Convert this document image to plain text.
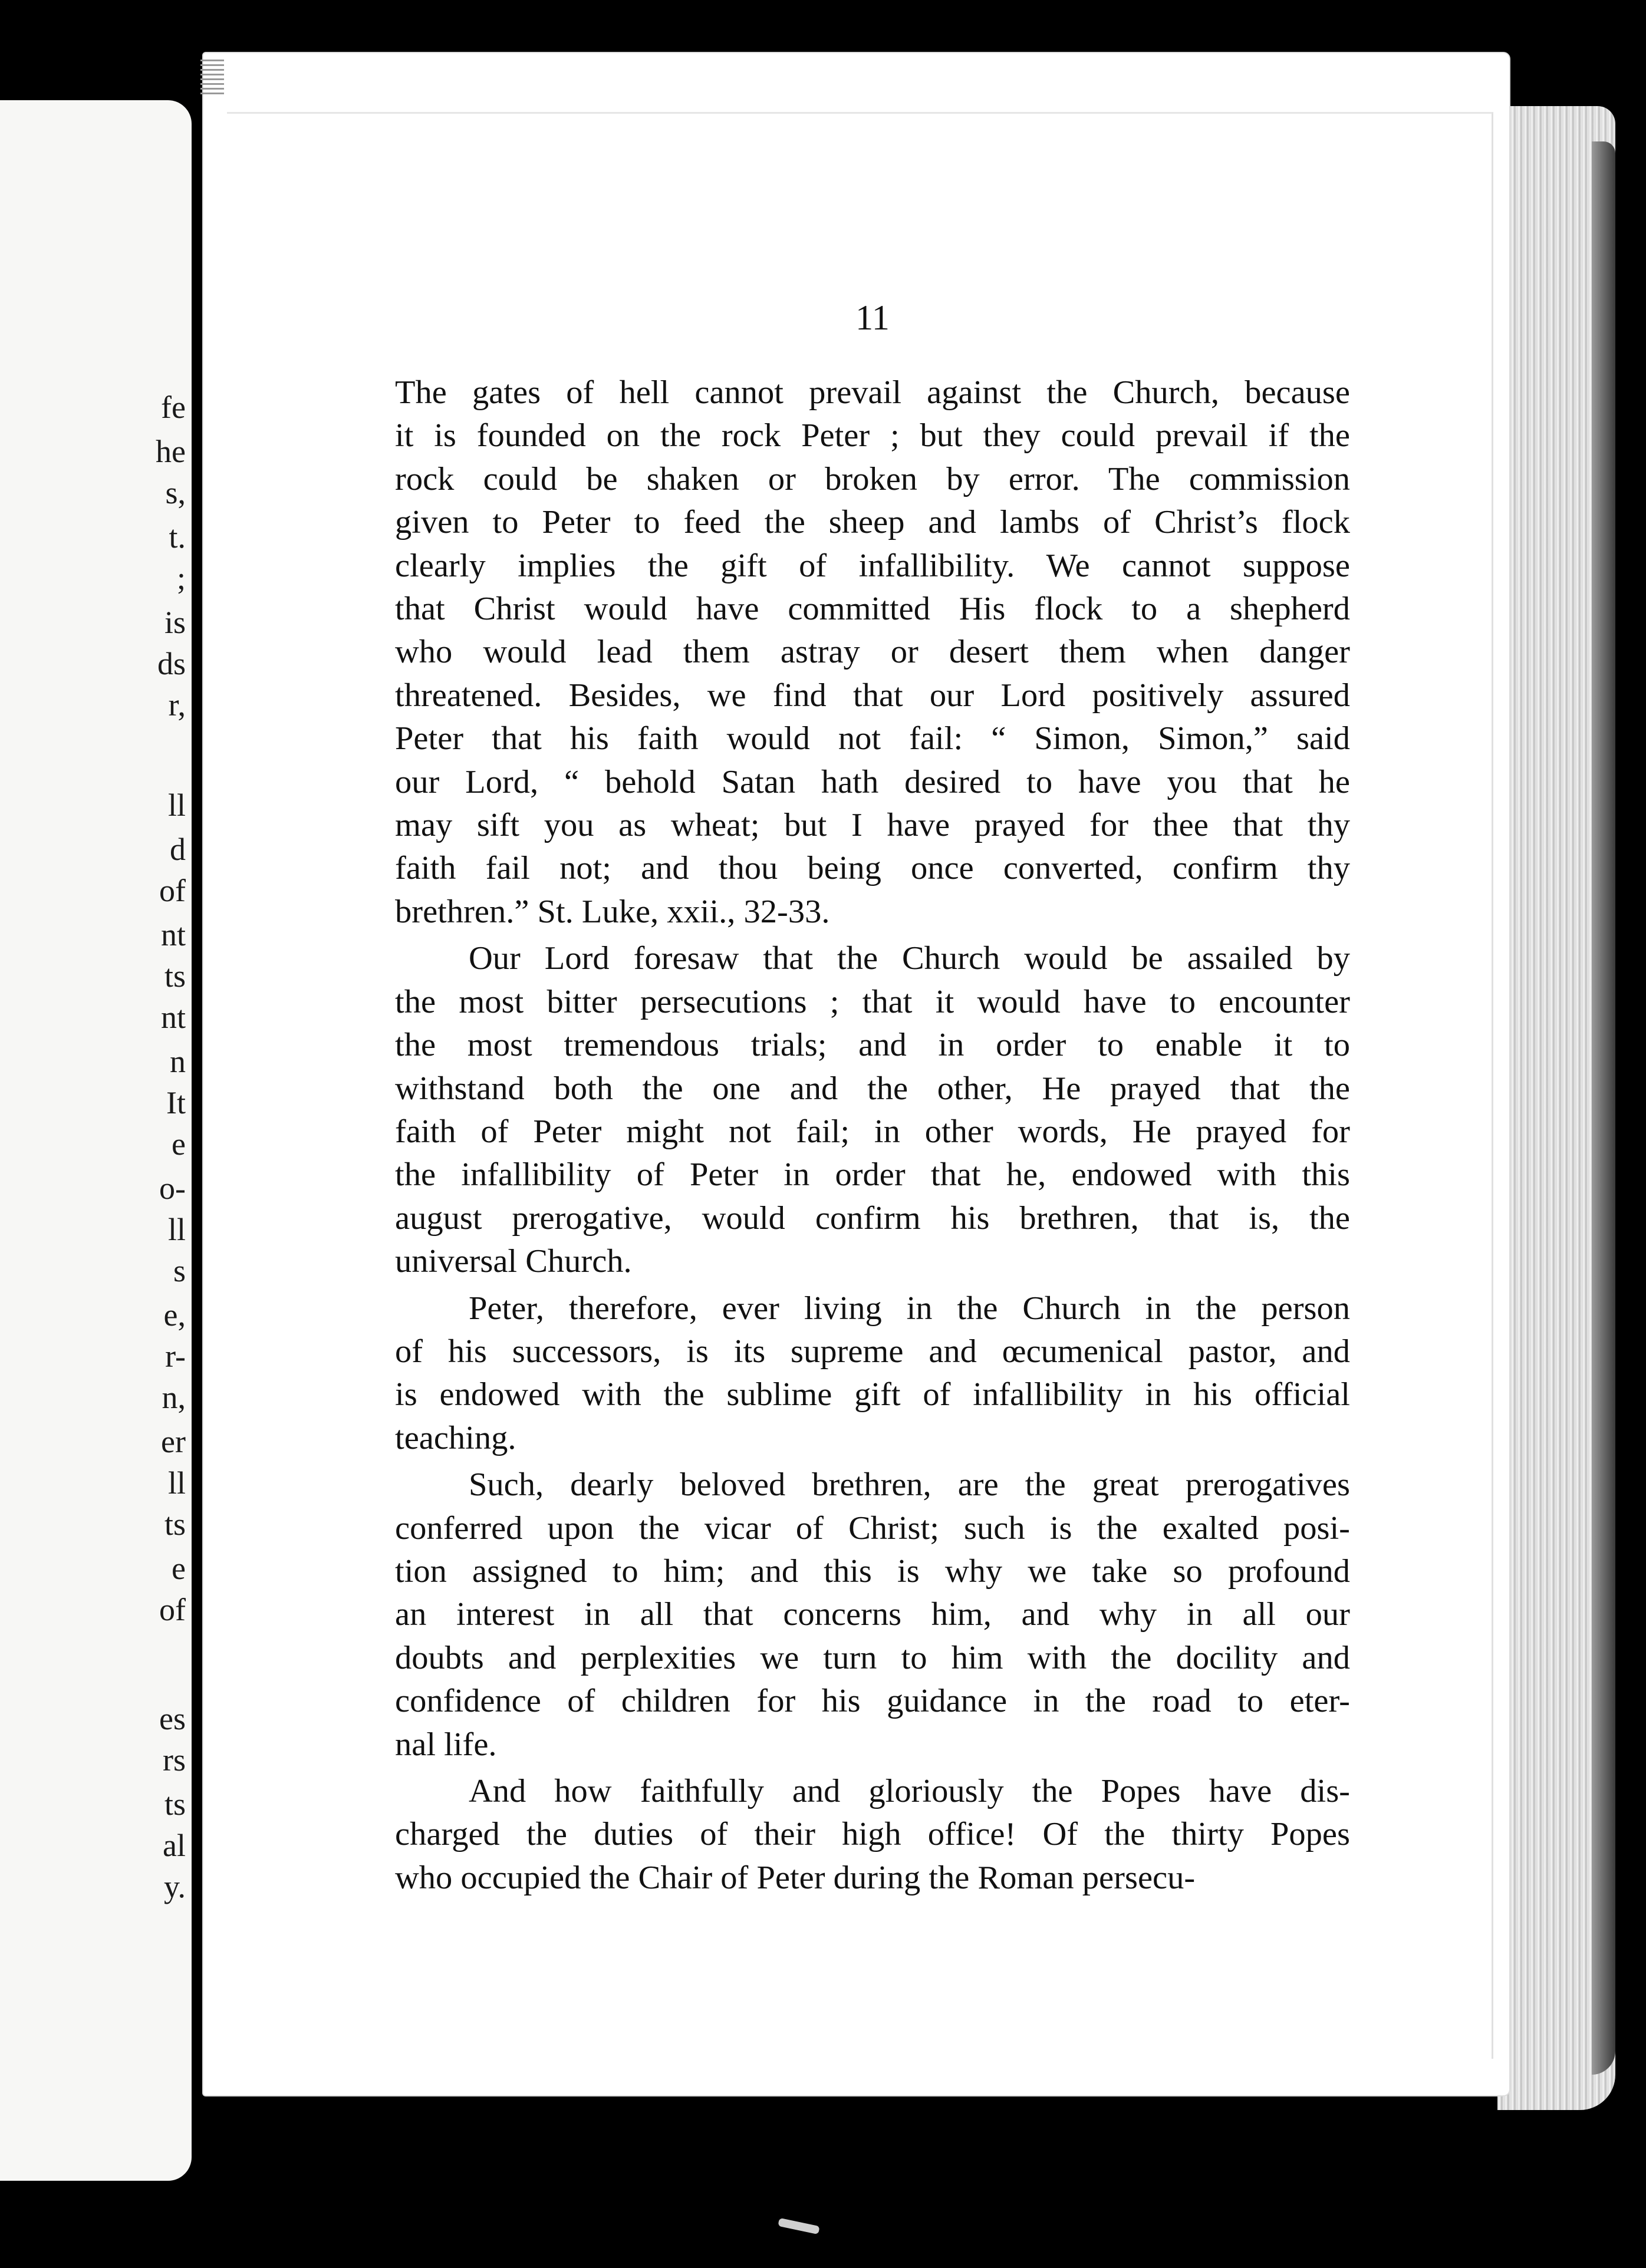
fe
he
s,
t.
;
is
ds
r,
ll
d
of
nt
ts
nt
n
It
e
o-
ll
s
e,
r-
n,
er
ll
ts
e
of
es
rs
ts
al
y.
11
The gates of hell cannot prevail against the Church, because
it is founded on the rock Peter ; but they could prevail if the
rock could be shaken or broken by error. The commission
given to Peter to feed the sheep and lambs of Christ’s flock
clearly implies the gift of infallibility. We cannot suppose
that Christ would have committed His flock to a shepherd
who would lead them astray or desert them when danger
threatened. Besides, we find that our Lord positively assured
Peter that his faith would not fail: “ Simon, Simon,” said
our Lord, “ behold Satan hath desired to have you that he
may sift you as wheat; but I have prayed for thee that thy
faith fail not; and thou being once converted, confirm thy
brethren.” St. Luke, xxii., 32-33.
Our Lord foresaw that the Church would be assailed by
the most bitter persecutions ; that it would have to encounter
the most tremendous trials; and in order to enable it to
withstand both the one and the other, He prayed that the
faith of Peter might not fail; in other words, He prayed for
the infallibility of Peter in order that he, endowed with this
august prerogative, would confirm his brethren, that is, the
universal Church.
Peter, therefore, ever living in the Church in the person
of his successors, is its supreme and œcumenical pastor, and
is endowed with the sublime gift of infallibility in his official
teaching.
Such, dearly beloved brethren, are the great prerogatives
conferred upon the vicar of Christ; such is the exalted posi-
tion assigned to him; and this is why we take so profound
an interest in all that concerns him, and why in all our
doubts and perplexities we turn to him with the docility and
confidence of children for his guidance in the road to eter-
nal life.
And how faithfully and gloriously the Popes have dis-
charged the duties of their high office! Of the thirty Popes
who occupied the Chair of Peter during the Roman persecu-
